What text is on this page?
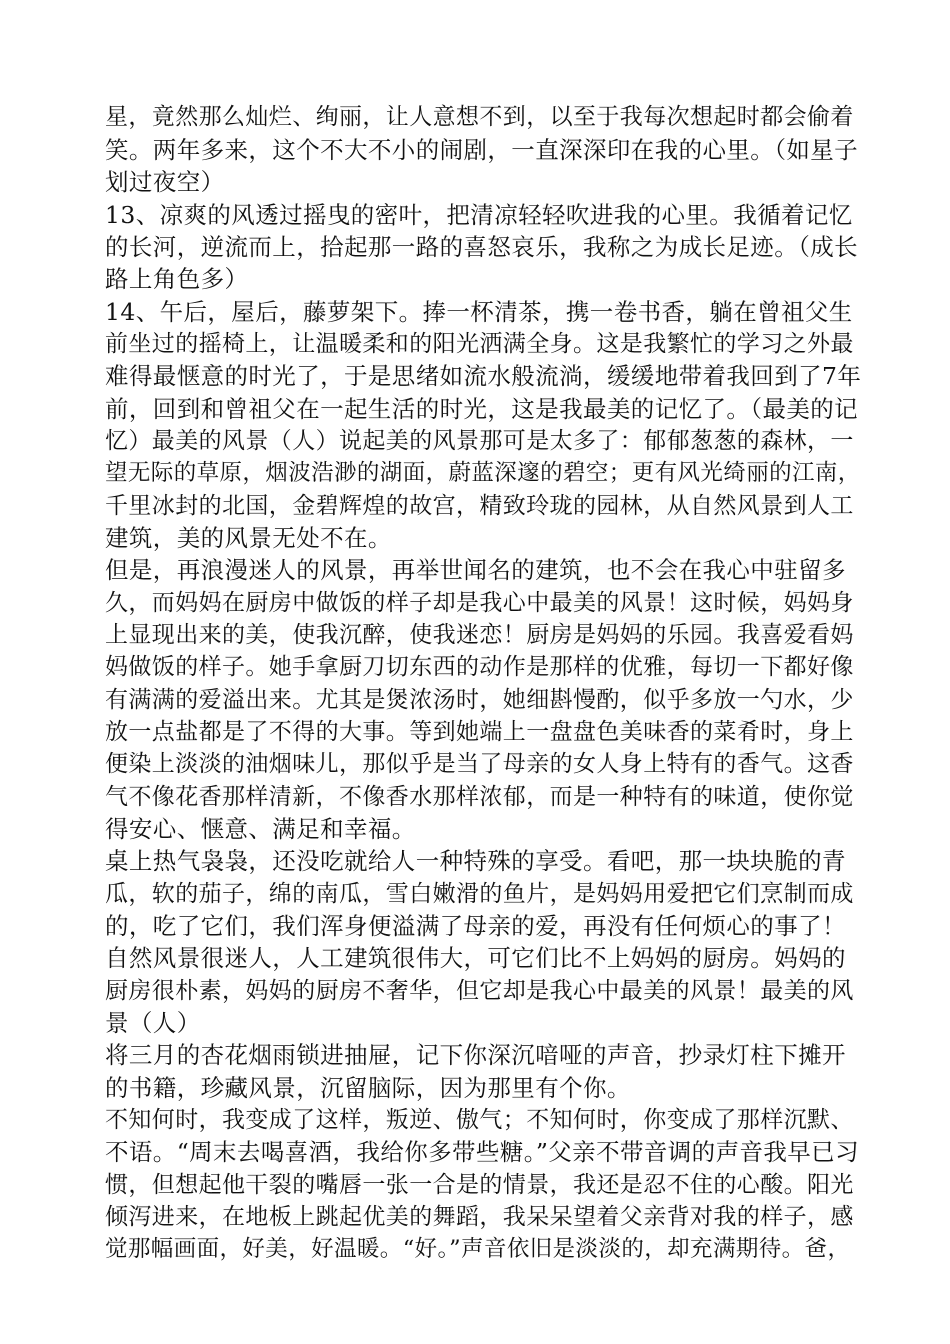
星，竟然那么灿烂、绚丽，让人意想不到，以至于我每次想起时都会偷着
笑。两年多来，这个不大不小的闹剧，一直深深印在我的心里。（如星子
划过夜空）
13、凉爽的风透过摇曳的密叶，把清凉轻轻吹进我的心里。我循着记忆
的长河，逆流而上，拾起那一路的喜怒哀乐，我称之为成长足迹。（成长
路上角色多）
14、午后，屋后，藤萝架下。捧一杯清茶，携一卷书香，躺在曾祖父生
前坐过的摇椅上，让温暖柔和的阳光洒满全身。这是我繁忙的学习之外最
难得最惬意的时光了，于是思绪如流水般流淌，缓缓地带着我回到了7年
前，回到和曾祖父在一起生活的时光，这是我最美的记忆了。（最美的记
忆）最美的风景（人）说起美的风景那可是太多了：郁郁葱葱的森林，一
望无际的草原，烟波浩渺的湖面，蔚蓝深邃的碧空；更有风光绮丽的江南，
千里冰封的北国，金碧辉煌的故宫，精致玲珑的园林，从自然风景到人工
建筑，美的风景无处不在。
但是，再浪漫迷人的风景，再举世闻名的建筑，也不会在我心中驻留多
久，而妈妈在厨房中做饭的样子却是我心中最美的风景！这时候，妈妈身
上显现出来的美，使我沉醉，使我迷恋！厨房是妈妈的乐园。我喜爱看妈
妈做饭的样子。她手拿厨刀切东西的动作是那样的优雅，每切一下都好像
有满满的爱溢出来。尤其是煲浓汤时，她细斟慢酌，似乎多放一勺水，少
放一点盐都是了不得的大事。等到她端上一盘盘色美味香的菜肴时，身上
便染上淡淡的油烟味儿，那似乎是当了母亲的女人身上特有的香气。这香
气不像花香那样清新，不像香水那样浓郁，而是一种特有的味道，使你觉
得安心、惬意、满足和幸福。
桌上热气袅袅，还没吃就给人一种特殊的享受。看吧，那一块块脆的青
瓜，软的茄子，绵的南瓜，雪白嫩滑的鱼片，是妈妈用爱把它们烹制而成
的，吃了它们，我们浑身便溢满了母亲的爱，再没有任何烦心的事了！
自然风景很迷人，人工建筑很伟大，可它们比不上妈妈的厨房。妈妈的
厨房很朴素，妈妈的厨房不奢华，但它却是我心中最美的风景！最美的风
景（人）
将三月的杏花烟雨锁进抽屉，记下你深沉喑哑的声音，抄录灯柱下摊开
的书籍，珍藏风景，沉留脑际，因为那里有个你。
不知何时，我变成了这样，叛逆、傲气；不知何时，你变成了那样沉默、
不语。“周末去喝喜酒，我给你多带些糖。”父亲不带音调的声音我早已习
惯，但想起他干裂的嘴唇一张一合是的情景，我还是忍不住的心酸。阳光
倾泻进来，在地板上跳起优美的舞蹈，我呆呆望着父亲背对我的样子，感
觉那幅画面，好美，好温暖。“好。”声音依旧是淡淡的，却充满期待。爸，
